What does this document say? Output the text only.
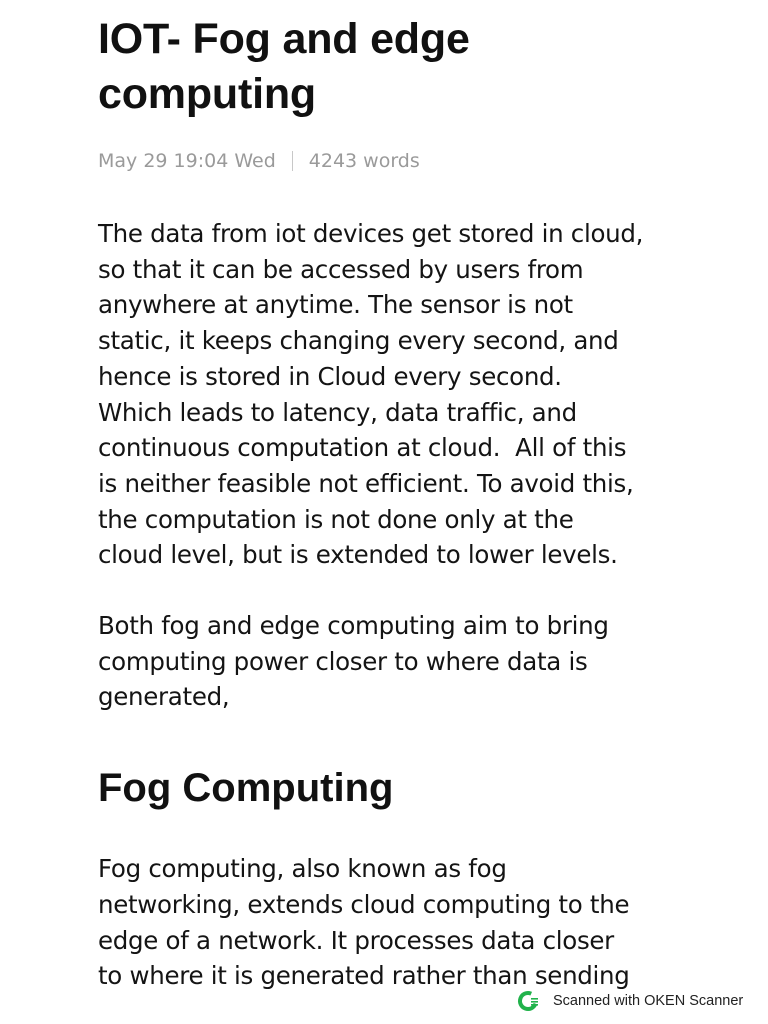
IOT- Fog and edge
computing
May 29 19:04 Wed 4243 words

The data from iot devices get stored in cloud,
so that it can be accessed by users from
anywhere at anytime. The sensor is not
static, it keeps changing every second, and
hence is stored in Cloud every second.
Which leads to latency, data traffic, and
continuous computation at cloud.  All of this
is neither feasible not efficient. To avoid this,
the computation is not done only at the
cloud level, but is extended to lower levels.

Both fog and edge computing aim to bring
computing power closer to where data is
generated,

Fog Computing

Fog computing, also known as fog
networking, extends cloud computing to the
edge of a network. It processes data closer
to where it is generated rather than sending

Scanned with OKEN Scanner
